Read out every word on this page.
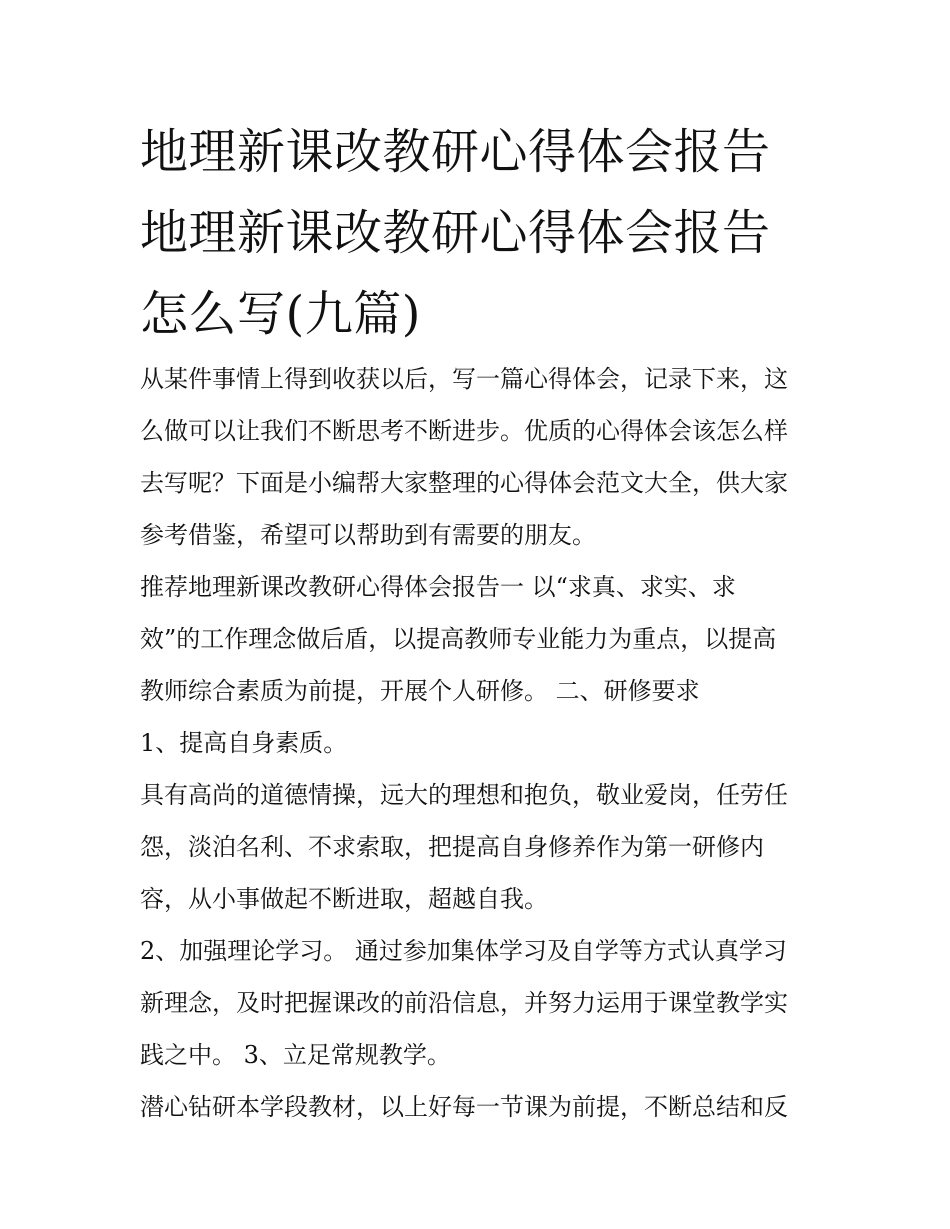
地理新课改教研心得体会报告
地理新课改教研心得体会报告
怎么写(九篇)

从某件事情上得到收获以后，写一篇心得体会，记录下来，这
么做可以让我们不断思考不断进步。优质的心得体会该怎么样
去写呢？下面是小编帮大家整理的心得体会范文大全，供大家
参考借鉴，希望可以帮助到有需要的朋友。

推荐地理新课改教研心得体会报告一 以“求真、求实、求
效”的工作理念做后盾，以提高教师专业能力为重点，以提高
教师综合素质为前提，开展个人研修。 二、研修要求

1、提高自身素质。

具有高尚的道德情操，远大的理想和抱负，敬业爱岗，任劳任
怨，淡泊名利、不求索取，把提高自身修养作为第一研修内
容，从小事做起不断进取，超越自我。

2、加强理论学习。 通过参加集体学习及自学等方式认真学习
新理念，及时把握课改的前沿信息，并努力运用于课堂教学实
践之中。 3、立足常规教学。

潜心钻研本学段教材，以上好每一节课为前提，不断总结和反
